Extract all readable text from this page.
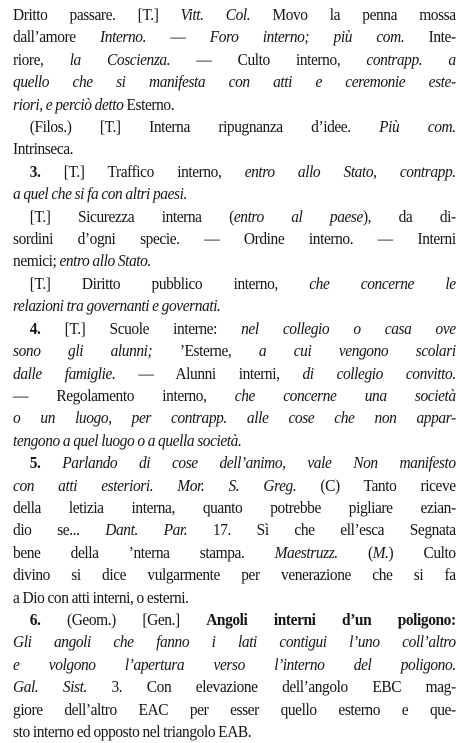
Dritto passare. [T.] Vitt. Col. Movo la penna mossa
dall’amore Interno. — Foro interno; più com. Inte-
riore, la Coscienza. — Culto interno, contrapp. a
quello che si manifesta con atti e ceremonie este-
riori, e perciò detto Esterno.
(Filos.) [T.] Interna ripugnanza d’idee. Più com.
Intrinseca.
3. [T.] Traffico interno, entro allo Stato, contrapp.
a quel che si fa con altri paesi.
[T.] Sicurezza interna (entro al paese), da di-
sordini d’ogni specie. — Ordine interno. — Interni
nemici; entro allo Stato.
[T.] Diritto pubblico interno, che concerne le
relazioni tra governanti e governati.
4. [T.] Scuole interne: nel collegio o casa ove
sono gli alunni; ’Esterne, a cui vengono scolari
dalle famiglie. — Alunni interni, di collegio convitto.
— Regolamento interno, che concerne una società
o un luogo, per contrapp. alle cose che non appar-
tengono a quel luogo o a quella società.
5. Parlando di cose dell’animo, vale Non manifesto
con atti esteriori. Mor. S. Greg. (C) Tanto riceve
della letizia interna, quanto potrebbe pigliare ezian-
dio se... Dant. Par. 17. Sì che ell’esca Segnata
bene della ’nterna stampa. Maestruzz. (M.) Culto
divino si dice vulgarmente per venerazione che si fa
a Dio con atti interni, o esterni.
6. (Geom.) [Gen.] Angoli interni d’un poligono:
Gli angoli che fanno i lati contigui l’uno coll’altro
e volgono l’apertura verso l’interno del poligono.
Gal. Sist. 3. Con elevazione dell’angolo EBC mag-
giore dell’altro EAC per esser quello esterno e que-
sto interno ed opposto nel triangolo EAB.
